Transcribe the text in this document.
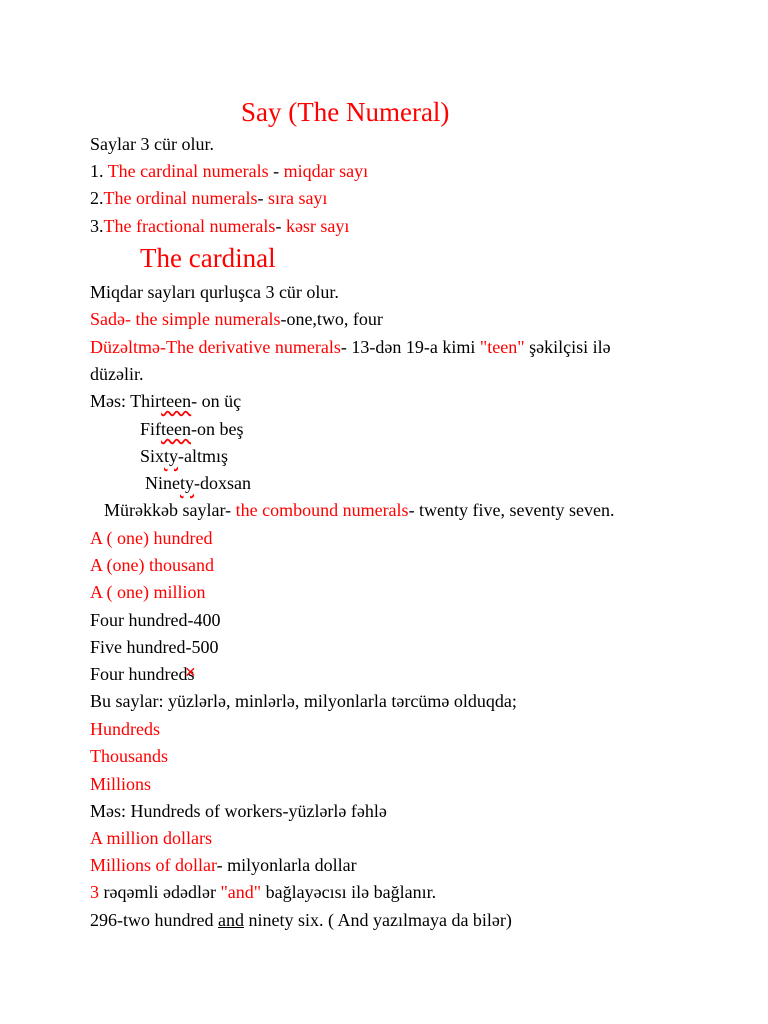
Say (The Numeral)
Saylar 3 cür olur.
1. The cardinal numerals - miqdar sayı
2.The ordinal numerals- sıra sayı
3.The fractional numerals- kəsr sayı
The cardinal
Miqdar sayları qurluşca 3 cür olur.
Sadə- the simple numerals-one,two, four
Düzəltmə-The derivative numerals- 13-dən 19-a kimi "teen" şəkilçisi ilə
düzəlir.
Məs: Thirteen- on üç
Fifteen-on beş
Sixty-altmış
Ninety-doxsan
Mürəkkəb saylar- the combound numerals- twenty five, seventy seven.
A ( one) hundred
A (one) thousand
A ( one) million
Four hundred-400
Five hundred-500
Four hundreds ✕
Bu saylar: yüzlərlə, minlərlə, milyonlarla tərcümə olduqda;
Hundreds
Thousands
Millions
Məs: Hundreds of workers-yüzlərlə fəhlə
A million dollars
Millions of dollar- milyonlarla dollar
3 rəqəmli ədədlər "and" bağlayəcısı ilə bağlanır.
296-two hundred and ninety six. ( And yazılmaya da bilər)
